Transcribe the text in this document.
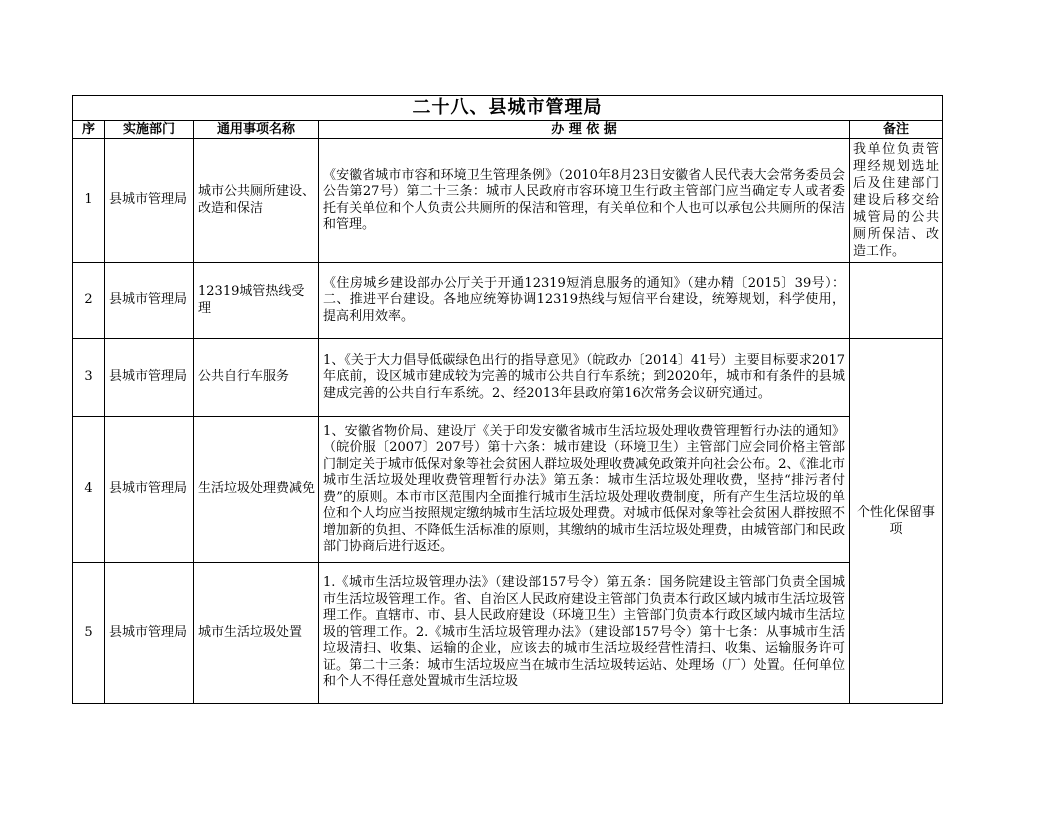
二十八、县城市管理局				
序	实施部门	通用事项名称	办 理 依 据	备注
1	县城市管理局	城市公共厕所建设、改造和保洁	《安徽省城市市容和环境卫生管理条例》（2010年8月23日安徽省人民代表大会常务委员会公告第27号）第二十三条：城市人民政府市容环境卫生行政主管部门应当确定专人或者委托有关单位和个人负责公共厕所的保洁和管理，有关单位和个人也可以承包公共厕所的保洁和管理。	我单位负责管理经规划选址后及住建部门建设后移交给城管局的公共厕所保洁、改造工作。
2	县城市管理局	12319城管热线受理	《住房城乡建设部办公厅关于开通12319短消息服务的通知》（建办精〔2015〕39号）：二、推进平台建设。各地应统筹协调12319热线与短信平台建设，统筹规划，科学使用，提高利用效率。	
3	县城市管理局	公共自行车服务	1、《关于大力倡导低碳绿色出行的指导意见》（皖政办〔2014〕41号）主要目标要求2017年底前，设区城市建成较为完善的城市公共自行车系统；到2020年，城市和有条件的县城建成完善的公共自行车系统。2、经2013年县政府第16次常务会议研究通过。	个性化保留事项
4	县城市管理局	生活垃圾处理费减免	1、安徽省物价局、建设厅《关于印发安徽省城市生活垃圾处理收费管理暂行办法的通知》（皖价服〔2007〕207号）第十六条：城市建设（环境卫生）主管部门应会同价格主管部门制定关于城市低保对象等社会贫困人群垃圾处理收费减免政策并向社会公布。2、《淮北市城市生活垃圾处理收费管理暂行办法》第五条：城市生活垃圾处理收费，坚持“排污者付费”的原则。本市市区范围内全面推行城市生活垃圾处理收费制度，所有产生生活垃圾的单位和个人均应当按照规定缴纳城市生活垃圾处理费。对城市低保对象等社会贫困人群按照不增加新的负担、不降低生活标准的原则，其缴纳的城市生活垃圾处理费，由城管部门和民政部门协商后进行返还。	
5	县城市管理局	城市生活垃圾处置	1.《城市生活垃圾管理办法》（建设部157号令）第五条：国务院建设主管部门负责全国城市生活垃圾管理工作。省、自治区人民政府建设主管部门负责本行政区域内城市生活垃圾管理工作。直辖市、市、县人民政府建设（环境卫生）主管部门负责本行政区域内城市生活垃圾的管理工作。2.《城市生活垃圾管理办法》（建设部157号令）第十七条：从事城市生活垃圾清扫、收集、运输的企业，应该去的城市生活垃圾经营性清扫、收集、运输服务许可证。第二十三条：城市生活垃圾应当在城市生活垃圾转运站、处理场（厂）处置。任何单位和个人不得任意处置城市生活垃圾	
